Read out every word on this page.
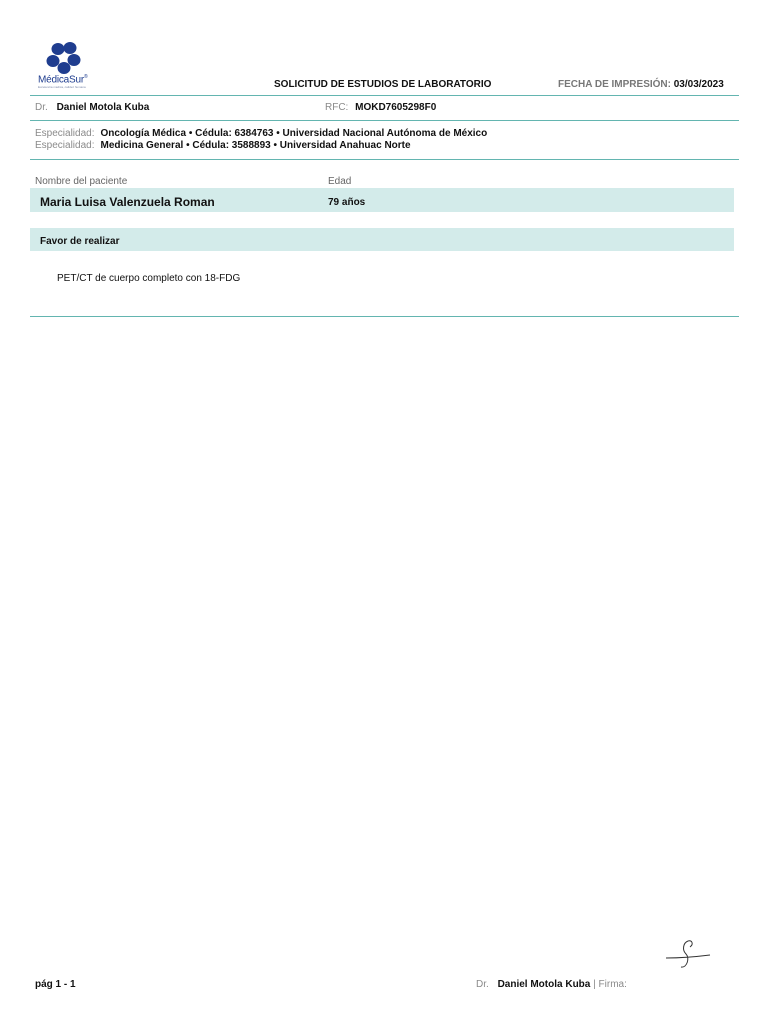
MédicaSur®
Excelencia médica, calidez humana	SOLICITUD DE ESTUDIOS DE LABORATORIO	FECHA DE IMPRESIÓN: 03/03/2023
Dr. Daniel Motola Kuba	RFC: MOKD7605298F0
Especialidad: Oncología Médica • Cédula: 6384763 • Universidad Nacional Autónoma de México
Especialidad: Medicina General • Cédula: 3588893 • Universidad Anahuac Norte
Nombre del paciente	Edad
Maria Luisa Valenzuela Roman	79 años
Favor de realizar
PET/CT de cuerpo completo con 18-FDG
pág 1 - 1	Dr. Daniel Motola Kuba | Firma:
